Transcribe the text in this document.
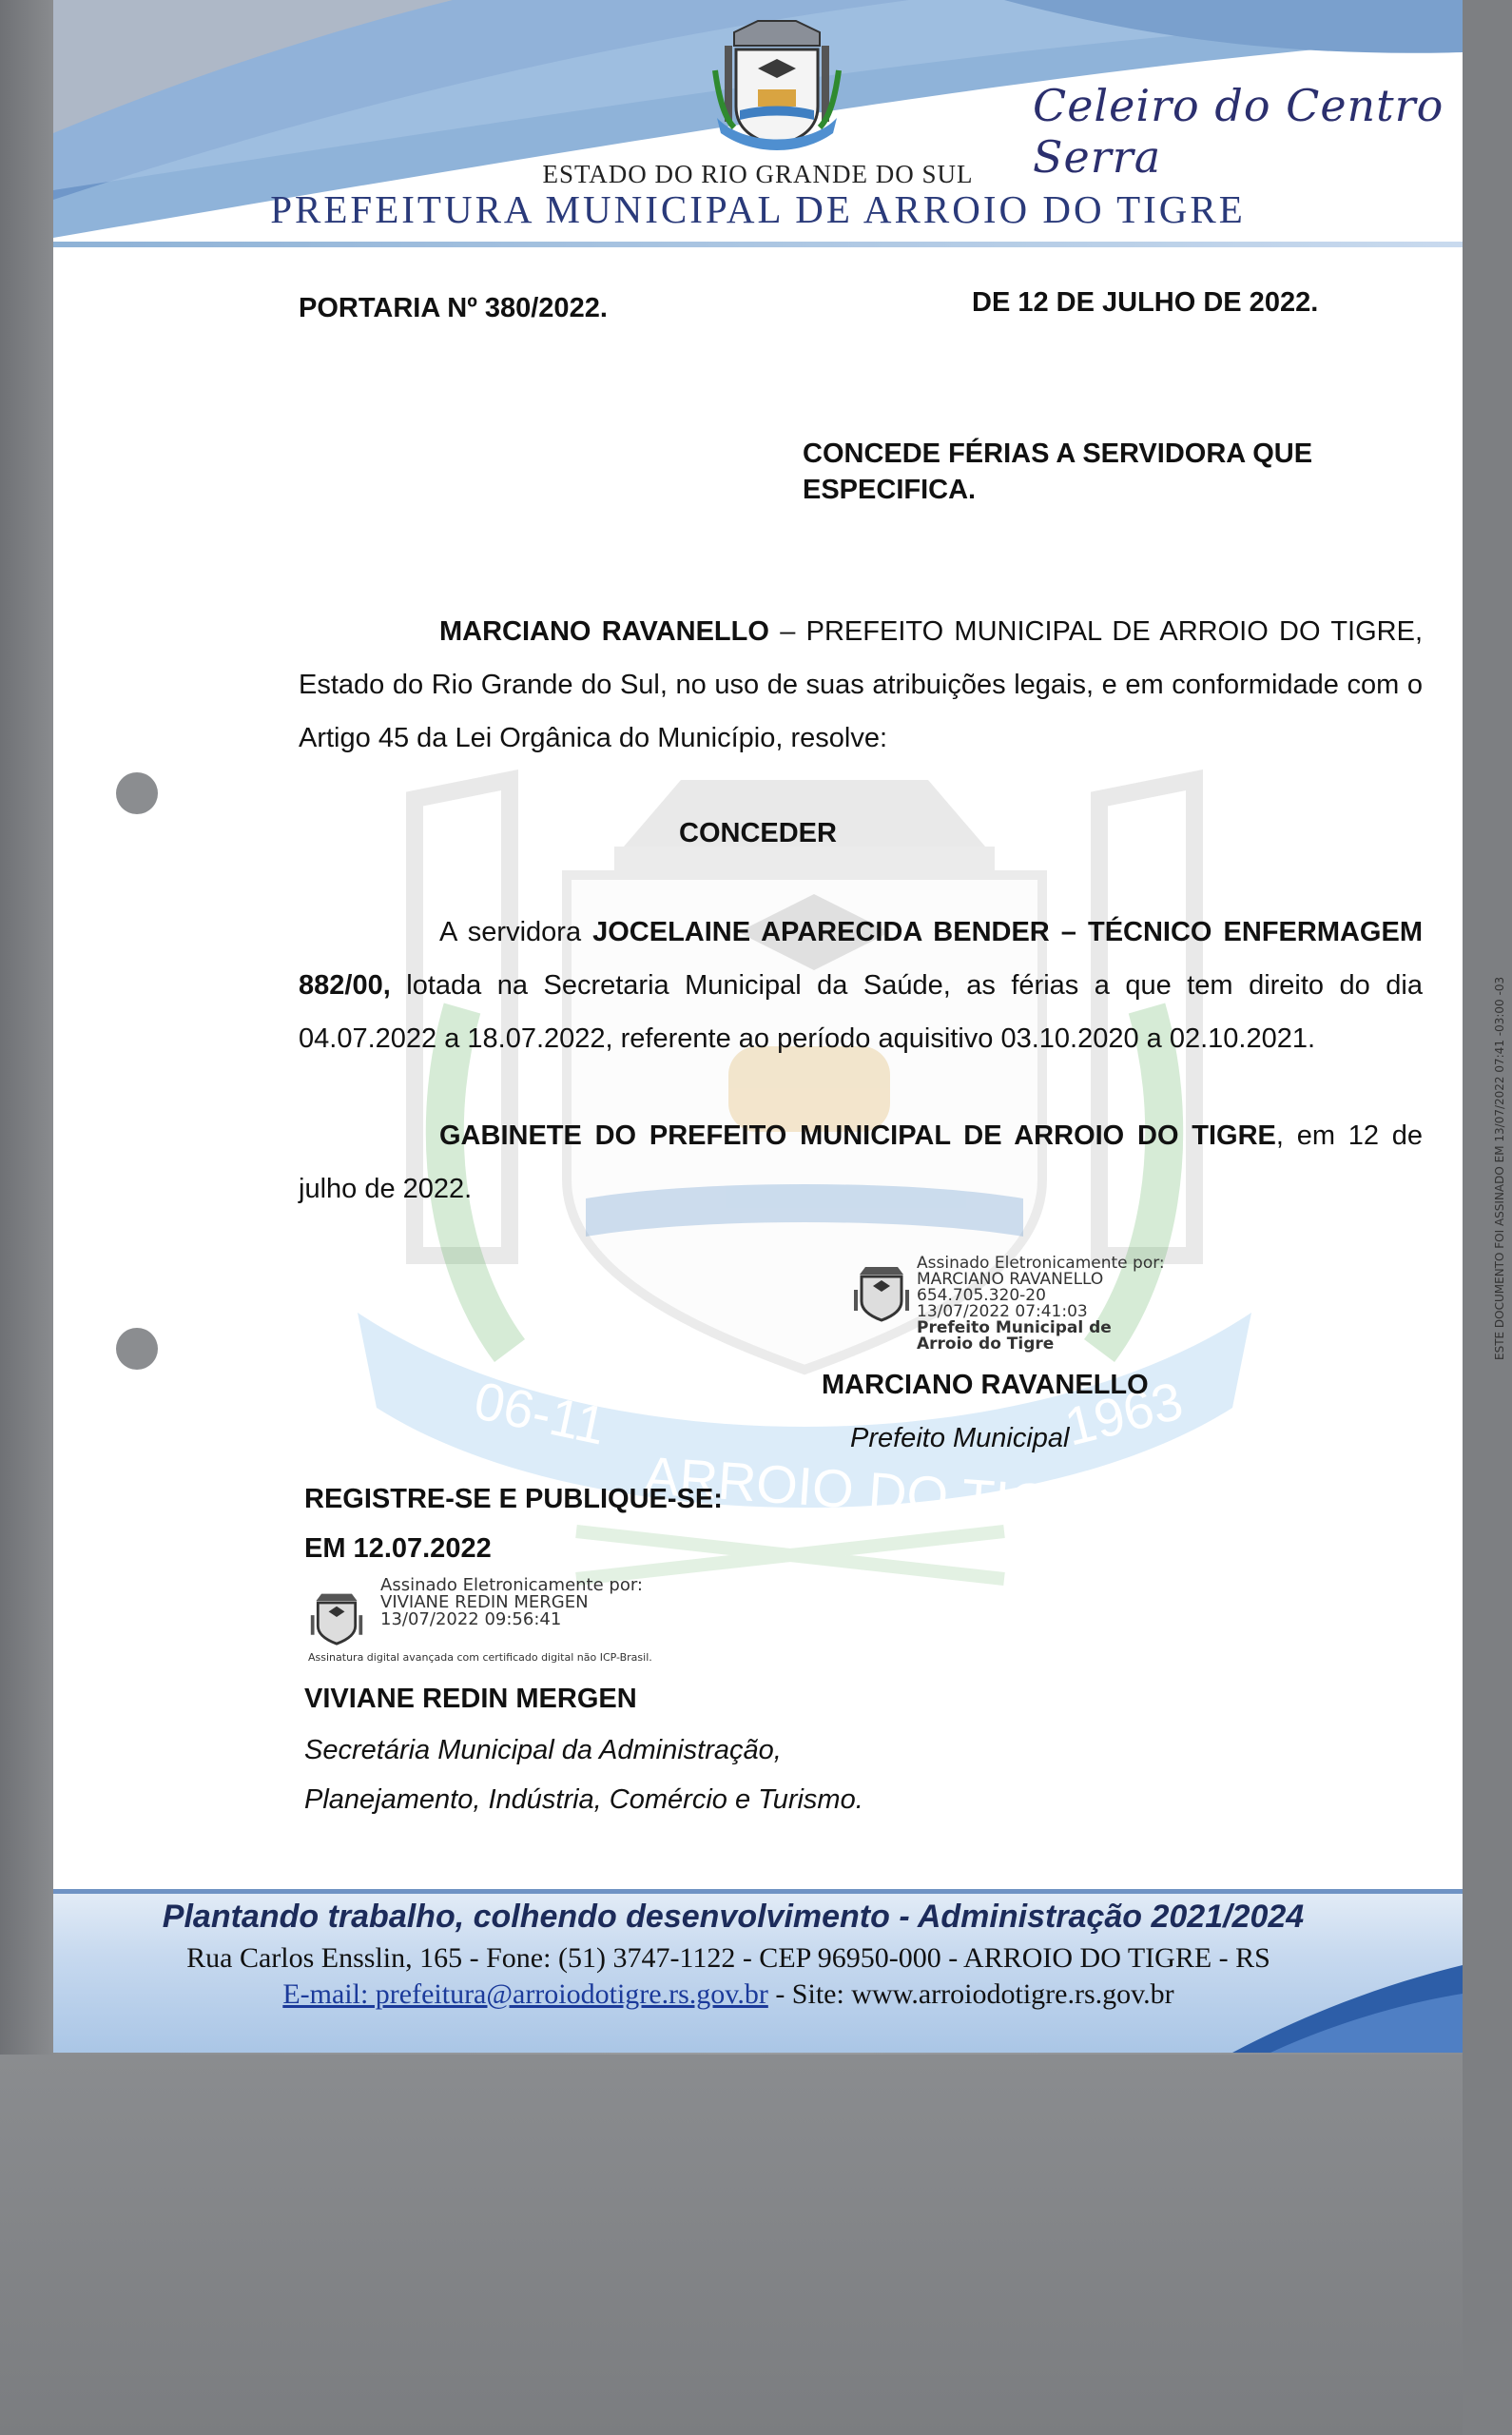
Celeiro do Centro Serra
ESTADO DO RIO GRANDE DO SUL
PREFEITURA MUNICIPAL DE ARROIO DO TIGRE
06-11
ARROIO DO TIGRE
1963
PORTARIA Nº 380/2022.	DE 12 DE JULHO DE 2022.
CONCEDE FÉRIAS A SERVIDORA QUE ESPECIFICA.
MARCIANO RAVANELLO – PREFEITO MUNICIPAL DE ARROIO DO TIGRE, Estado do Rio Grande do Sul, no uso de suas atribuições legais, e em conformidade com o Artigo 45 da Lei Orgânica do Município, resolve:
CONCEDER
A servidora JOCELAINE APARECIDA BENDER – TÉCNICO ENFERMAGEM 882/00, lotada na Secretaria Municipal da Saúde, as férias a que tem direito do dia 04.07.2022 a 18.07.2022, referente ao período aquisitivo 03.10.2020 a 02.10.2021.
GABINETE DO PREFEITO MUNICIPAL DE ARROIO DO TIGRE, em 12 de julho de 2022.
Assinado Eletronicamente por:
MARCIANO RAVANELLO
654.705.320-20
13/07/2022 07:41:03
Prefeito Municipal de
Arroio do Tigre
MARCIANO RAVANELLO
Prefeito Municipal
REGISTRE-SE E PUBLIQUE-SE:
EM 12.07.2022
Assinado Eletronicamente por:
VIVIANE REDIN MERGEN
13/07/2022 09:56:41
Assinatura digital avançada com certificado digital não ICP-Brasil.
VIVIANE REDIN MERGEN
Secretária Municipal da Administração,
Planejamento, Indústria, Comércio e Turismo.
Plantando trabalho, colhendo desenvolvimento - Administração 2021/2024
Rua Carlos Ensslin, 165 - Fone: (51) 3747-1122 - CEP 96950-000 - ARROIO DO TIGRE - RS
E-mail: prefeitura@arroiodotigre.rs.gov.br - Site: www.arroiodotigre.rs.gov.br
ESTE DOCUMENTO FOI ASSINADO EM 13/07/2022 07:41 -03:00 -03
